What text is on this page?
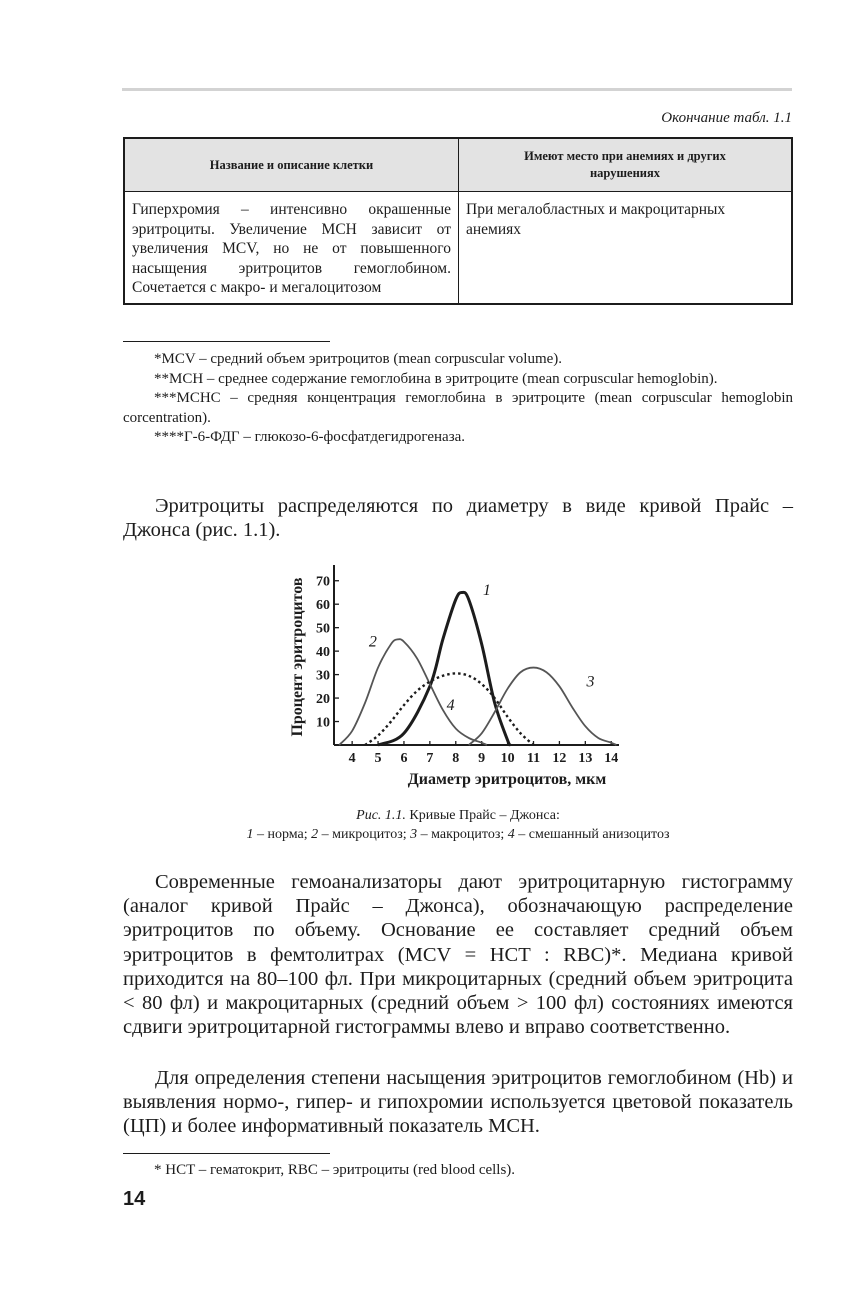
Окончание табл. 1.1
Название и описание клетки	Имеют место при анемиях и других нарушениях
Гиперхромия – интенсивно окрашенные эритроциты. Увеличение МСН зависит от увеличения MCV, но не от повышенного насыщения эритроцитов гемоглобином. Сочетается с макро- и мегалоцитозом	При мегалобластных и макроцитарных анемиях

*MCV – средний объем эритроцитов (mean corpuscular volume).

**MCH – среднее содержание гемоглобина в эритроците (mean corpuscular hemoglobin).

***MCHC – средняя концентрация гемоглобина в эритроците (mean corpuscular hemoglobin corcentration).

****Г-6-ФДГ – глюкозо-6-фосфатдегидрогеназа.

Эритроциты распределяются по диаметру в виде кривой Прайс – Джонса (рис. 1.1).

Процент эритроцитов
Диаметр эритроцитов, мкм
10
20
30
40
50
60
70
4 5 6 7 8 9 10 11 12 13 14
1
2
3
4
Рис. 1.1. Кривые Прайс – Джонса:
1 – норма; 2 – микроцитоз; 3 – макроцитоз; 4 – смешанный анизоцитоз

Современные гемоанализаторы дают эритроцитарную гистограмму (аналог кривой Прайс – Джонса), обозначающую распределение эритроцитов по объему. Основание ее составляет средний объем эритроцитов в фемтолитрах (MCV = HCT : RBC)*. Медиана кривой приходится на 80–100 фл. При микроцитарных (средний объем эритроцита < 80 фл) и макроцитарных (средний объем > 100 фл) состояниях имеются сдвиги эритроцитарной гистограммы влево и вправо соответственно.

Для определения степени насыщения эритроцитов гемоглобином (Hb) и выявления нормо-, гипер- и гипохромии используется цветовой показатель (ЦП) и более информативный показатель МСН.

* HCT – гематокрит, RBC – эритроциты (red blood cells).
14
